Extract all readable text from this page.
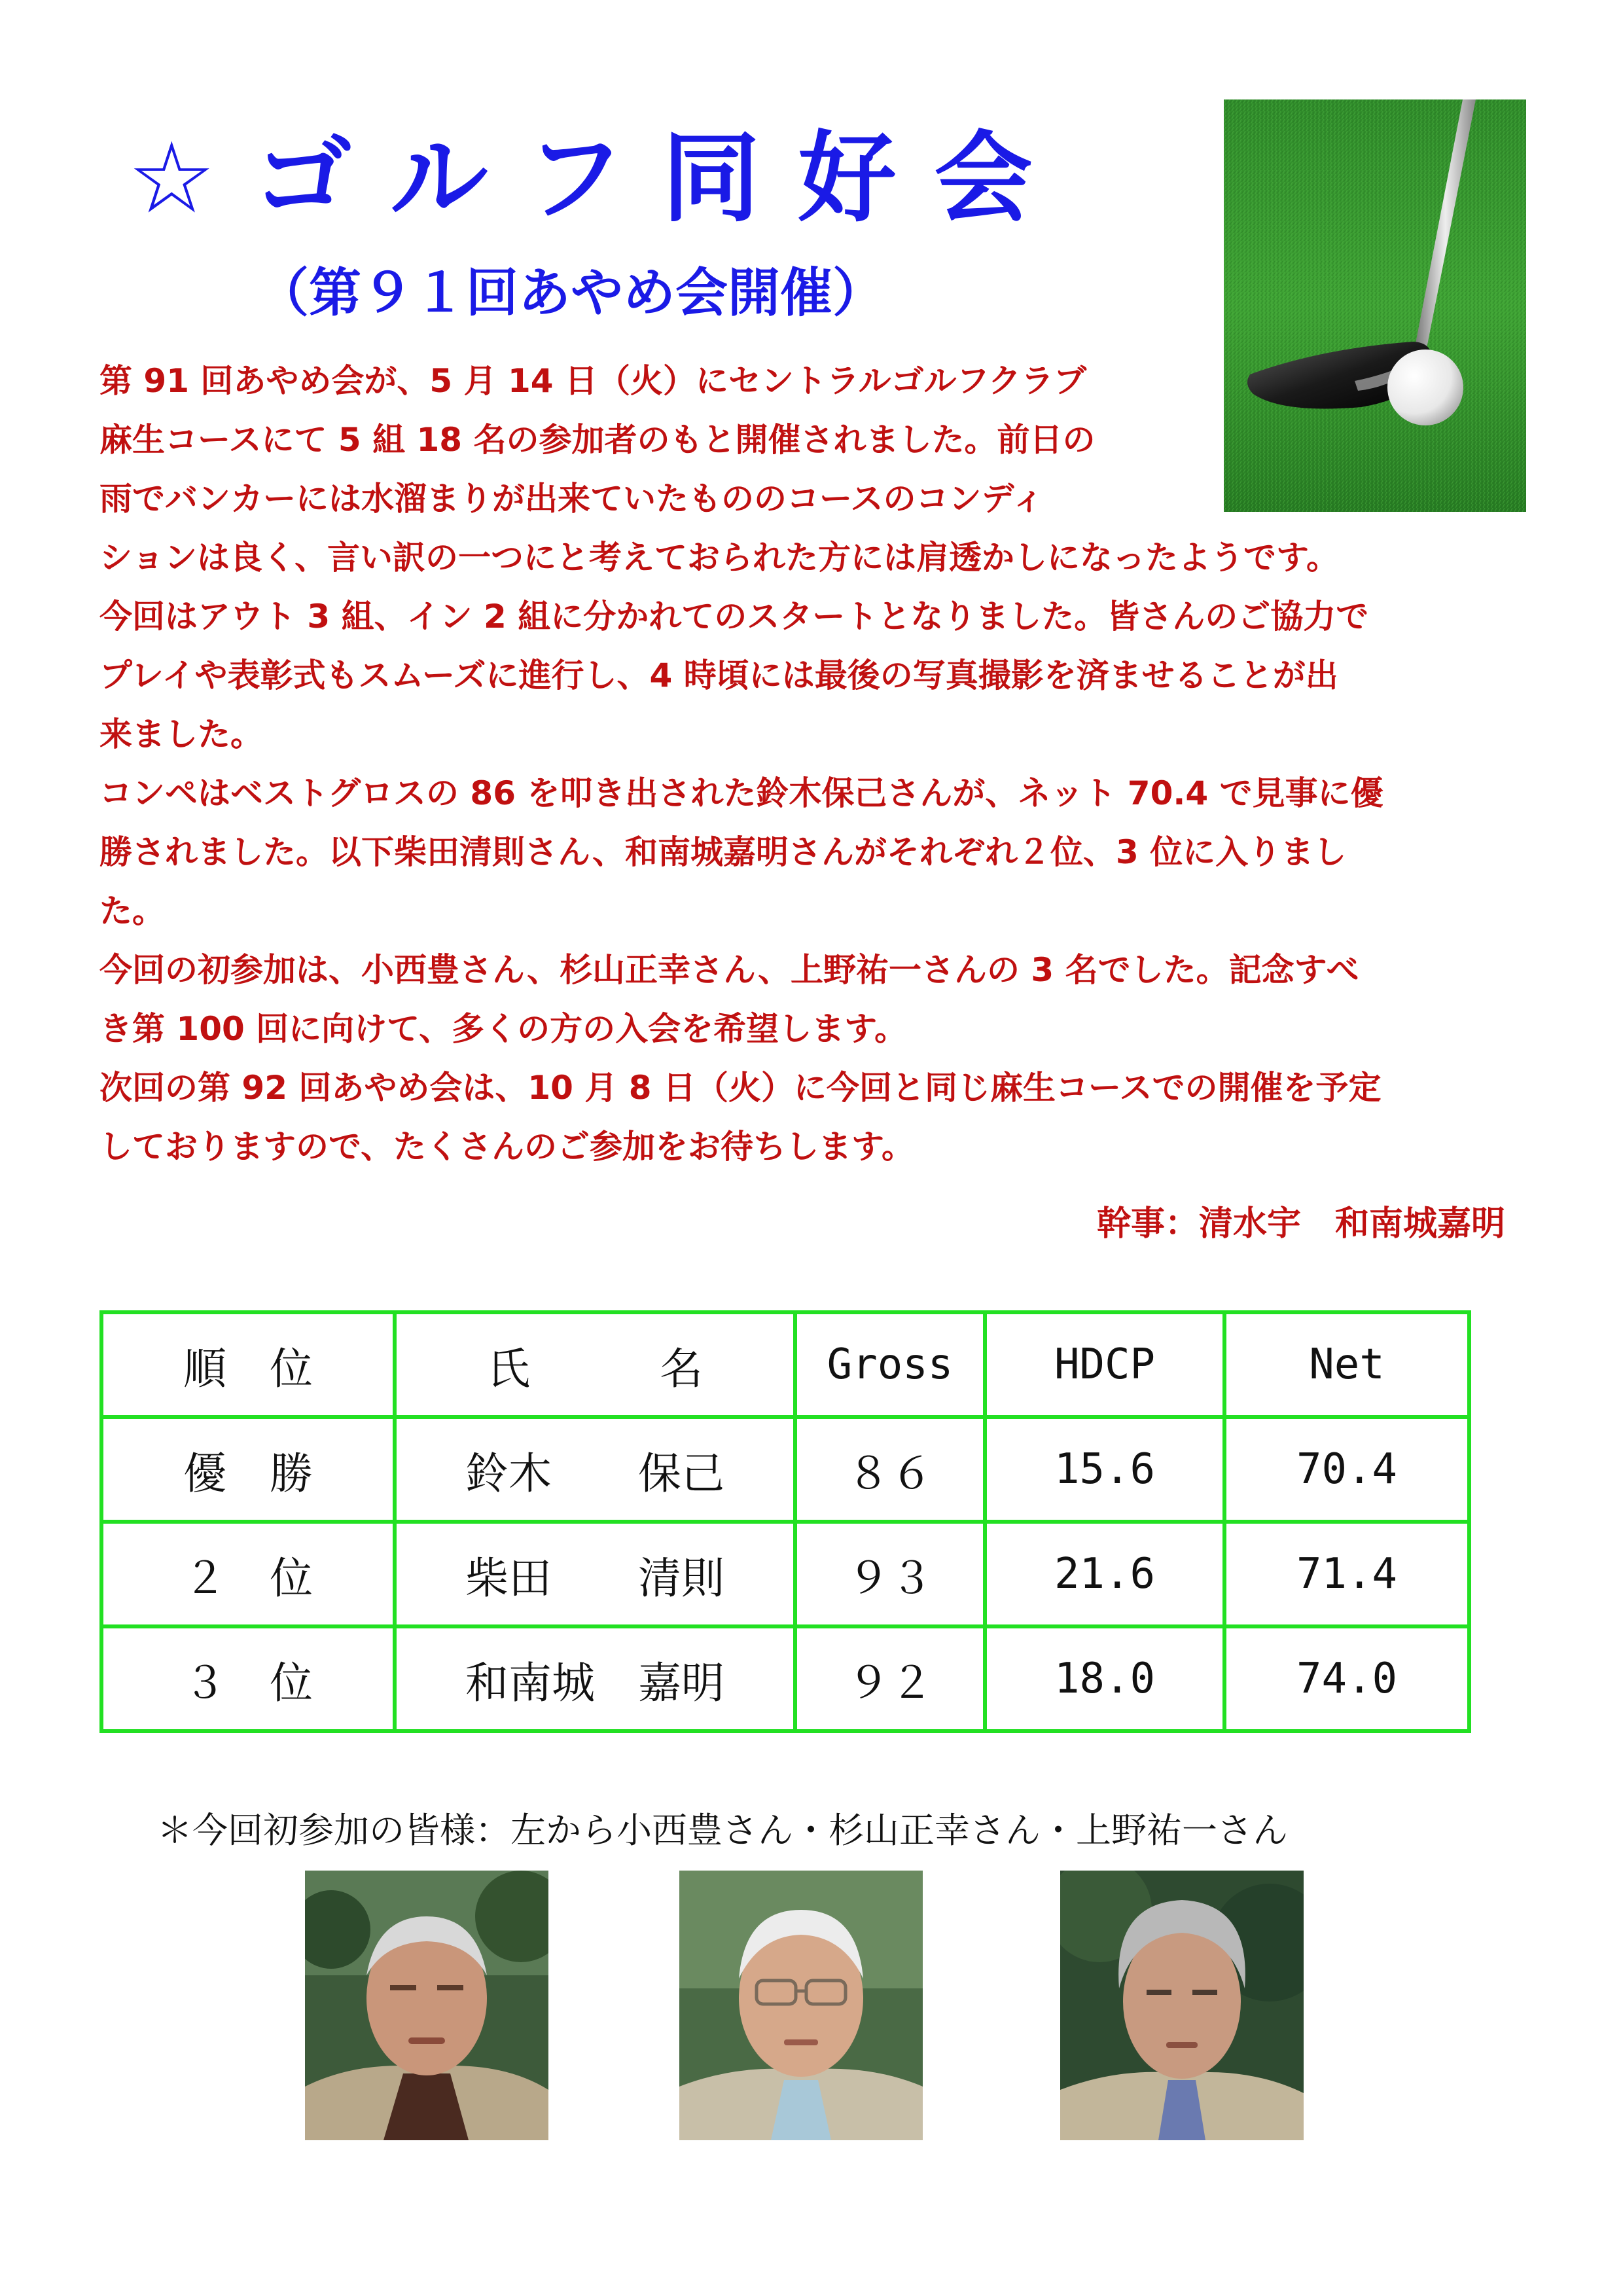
☆ゴルフ同好会
（第９１回あやめ会開催）
第 91 回あやめ会が、5 月 14 日（火）にセントラルゴルフクラブ
麻生コースにて 5 組 18 名の参加者のもと開催されました。前日の
雨でバンカーには水溜まりが出来ていたもののコースのコンディ
ションは良く、言い訳の一つにと考えておられた方には肩透かしになったようです。
今回はアウト 3 組、イン 2 組に分かれてのスタートとなりました。皆さんのご協力で
プレイや表彰式もスムーズに進行し、4 時頃には最後の写真撮影を済ませることが出
来ました。
コンペはベストグロスの 86 を叩き出された鈴木保己さんが、ネット 70.4 で見事に優
勝されました。以下柴田清則さん、和南城嘉明さんがそれぞれ２位、3 位に入りまし
た。
今回の初参加は、小西豊さん、杉山正幸さん、上野祐一さんの 3 名でした。記念すべ
き第 100 回に向けて、多くの方の入会を希望します。
次回の第 92 回あやめ会は、10 月 8 日（火）に今回と同じ麻生コースでの開催を予定
しておりますので、たくさんのご参加をお待ちします。
幹事：清水宇　和南城嘉明
順　位	氏　　　名	Gross	HDCP	Net
優　勝	鈴木　　保己	８６	15.6	70.4
２　位	柴田　　清則	９３	21.6	71.4
３　位	和南城　嘉明	９２	18.0	74.0
＊今回初参加の皆様：左から小西豊さん・杉山正幸さん・上野祐一さん
